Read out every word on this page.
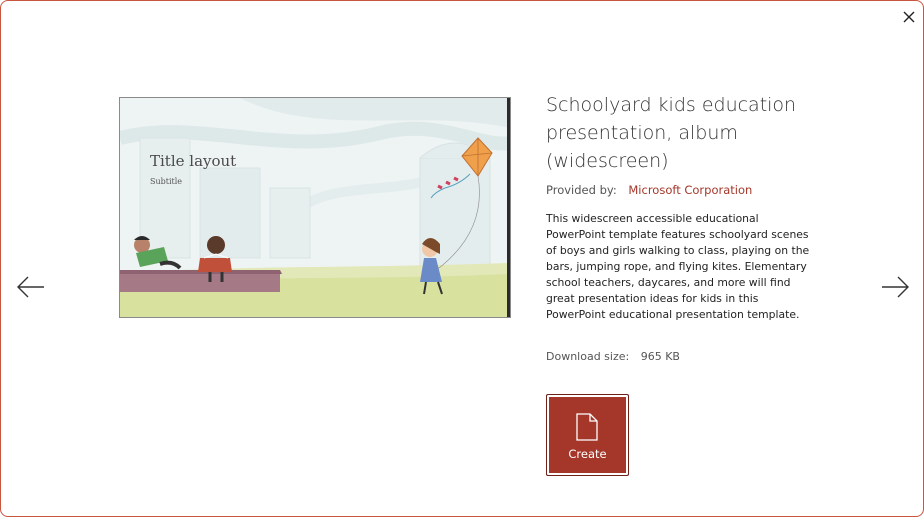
Title layout
Subtitle
Schoolyard kids education presentation, album (widescreen)
Provided by: Microsoft Corporation
This widescreen accessible educational PowerPoint template features schoolyard scenes of boys and girls walking to class, playing on the bars, jumping rope, and flying kites. Elementary school teachers, daycares, and more will find great presentation ideas for kids in this PowerPoint educational presentation template.
Download size: 965 KB
Create
